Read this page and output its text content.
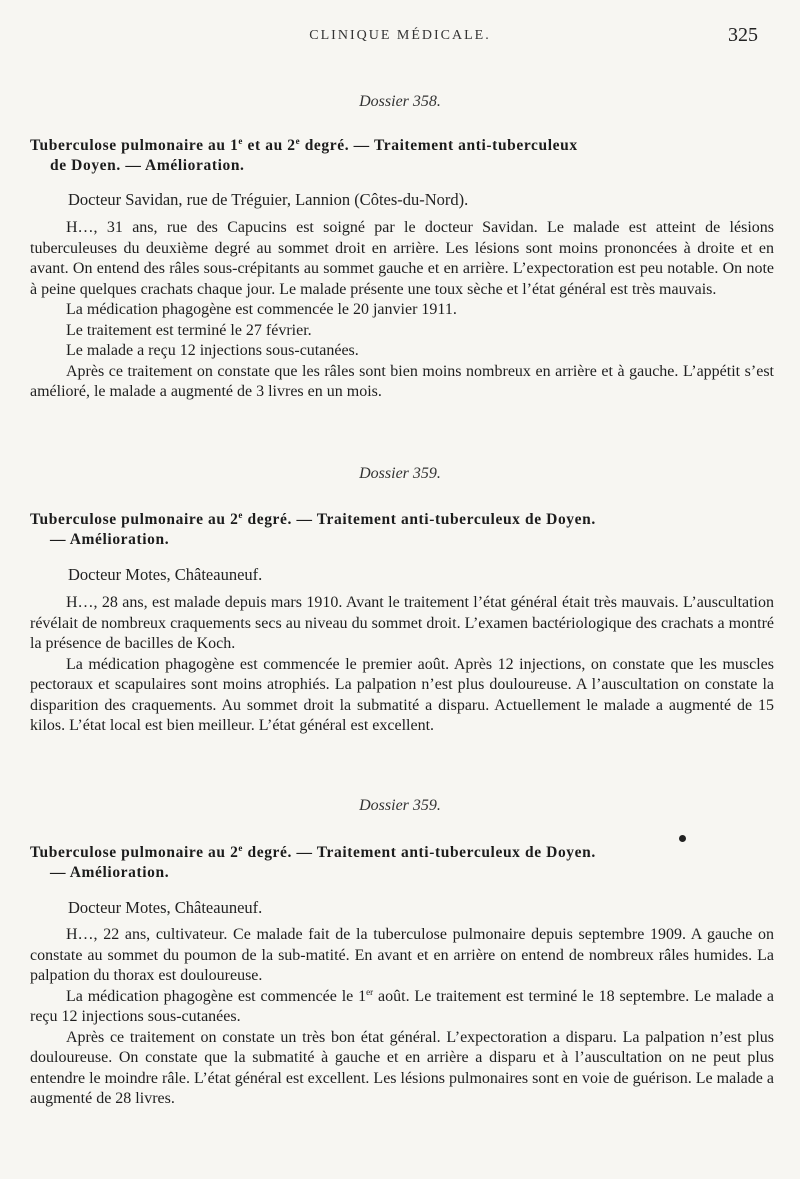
CLINIQUE MÉDICALE.	325
Dossier 358.
Tuberculose pulmonaire au 1e et au 2e degré. — Traitement anti-tuberculeux
de Doyen. — Amélioration.
Docteur Savidan, rue de Tréguier, Lannion (Côtes-du-Nord).

H…, 31 ans, rue des Capucins est soigné par le docteur Savidan. Le malade est atteint de lésions tuberculeuses du deuxième degré au sommet droit en arrière. Les lésions sont moins prononcées à droite et en avant. On entend des râles sous-crépitants au sommet gauche et en arrière. L’expectoration est peu notable. On note à peine quelques crachats chaque jour. Le malade présente une toux sèche et l’état général est très mauvais.

La médication phagogène est commencée le 20 janvier 1911.

Le traitement est terminé le 27 février.

Le malade a reçu 12 injections sous-cutanées.

Après ce traitement on constate que les râles sont bien moins nombreux en arrière et à gauche. L’appétit s’est amélioré, le malade a augmenté de 3 livres en un mois.

Dossier 359.
Tuberculose pulmonaire au 2e degré. — Traitement anti-tuberculeux de Doyen.
— Amélioration.
Docteur Motes, Châteauneuf.

H…, 28 ans, est malade depuis mars 1910. Avant le traitement l’état général était très mauvais. L’auscultation révélait de nombreux craquements secs au niveau du sommet droit. L’examen bactériologique des crachats a montré la présence de bacilles de Koch.

La médication phagogène est commencée le premier août. Après 12 injections, on constate que les muscles pectoraux et scapulaires sont moins atrophiés. La palpation n’est plus douloureuse. A l’auscultation on constate la disparition des craquements. Au sommet droit la submatité a disparu. Actuellement le malade a augmenté de 15 kilos. L’état local est bien meilleur. L’état général est excellent.

Dossier 359.
Tuberculose pulmonaire au 2e degré. — Traitement anti-tuberculeux de Doyen.
— Amélioration.
Docteur Motes, Châteauneuf.

H…, 22 ans, cultivateur. Ce malade fait de la tuberculose pulmonaire depuis septembre 1909. A gauche on constate au sommet du poumon de la sub-matité. En avant et en arrière on entend de nombreux râles humides. La palpation du thorax est douloureuse.

La médication phagogène est commencée le 1er août. Le traitement est terminé le 18 septembre. Le malade a reçu 12 injections sous-cutanées.

Après ce traitement on constate un très bon état général. L’expectoration a disparu. La palpation n’est plus douloureuse. On constate que la submatité à gauche et en arrière a disparu et à l’auscultation on ne peut plus entendre le moindre râle. L’état général est excellent. Les lésions pulmonaires sont en voie de guérison. Le malade a augmenté de 28 livres.
